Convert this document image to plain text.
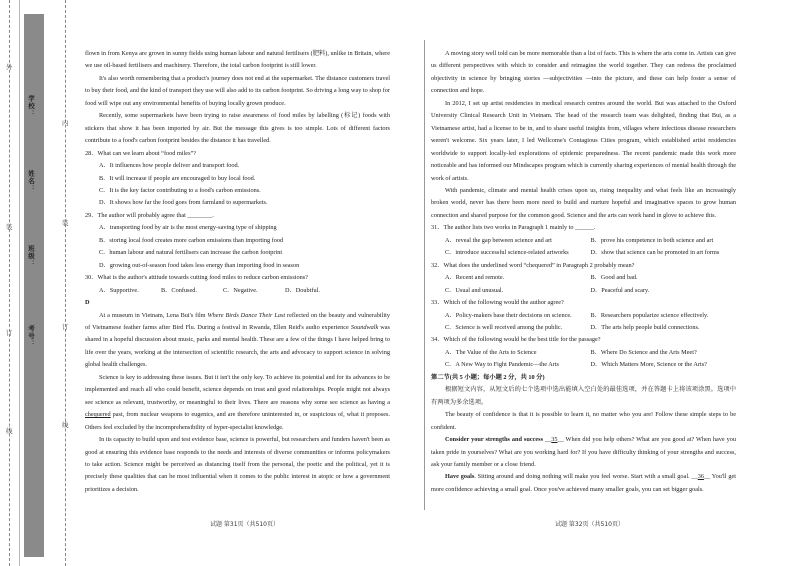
外
装
订
线
内
装
订
线
学校：
姓名：
班级：
考号：

flown in from Kenya are grown in sunny fields using human labour and natural fertilisers (肥料), unlike in Britain, where we use oil-based fertilisers and machinery. Therefore, the total carbon footprint is still lower.

It's also worth remembering that a product's journey does not end at the supermarket. The distance customers travel to buy their food, and the kind of transport they use will also add to its carbon footprint. So driving a long way to shop for food will wipe out any environmental benefits of buying locally grown produce.

Recently, some supermarkets have been trying to raise awareness of food miles by labelling (标记) foods with stickers that show it has been imported by air. But the message this gives is too simple. Lots of different factors contribute to a food's carbon footprint besides the distance it has travelled.

28．What can we learn about “food miles”?

A．It influences how people deliver and transport food.

B．It will increase if people are encouraged to buy local food.

C．It is the key factor contributing to a food's carbon emissions.

D．It shows how far the food goes from farmland to supermarkets.

29．The author will probably agree that ________.

A．transporting food by air is the most energy-saving type of shipping

B．storing local food creates more carbon emissions than importing food

C．human labour and natural fertilisers can increase the carbon footprint

D．growing out-of-season food takes less energy than importing food in season

30．What is the author's attitude towards cutting food miles to reduce carbon emissions?

A．Supportive.	B．Confused.	C．Negative.	D．Doubtful.

D

At a museum in Vietnam, Lena Bui's film Where Birds Dance Their Last reflected on the beauty and vulnerability of Vietnamese feather farms after Bird Flu. During a festival in Rwanda, Ellen Reid's audio experience Soundwalk was shared in a hopeful discussion about music, parks and mental health. These are a few of the things I have helped bring to life over the years, working at the intersection of scientific research, the arts and advocacy to support science in solving global health challenges.

Science is key to addressing these issues. But it isn't the only key. To achieve its potential and for its advances to be implemented and reach all who could benefit, science depends on trust and good relationships. People might not always see science as relevant, trustworthy, or meaningful to their lives. There are reasons why some see science as having a chequered past, from nuclear weapons to eugenics, and are therefore uninterested in, or suspicious of, what it proposes. Others feel excluded by the incomprehensibility of hyper-specialist knowledge.

In its capacity to build upon and test evidence base, science is powerful, but researchers and funders haven't been as good at ensuring this evidence base responds to the needs and interests of diverse communities or informs policymakers to take action. Science might be perceived as distancing itself from the personal, the poetic and the political, yet it is precisely these qualities that can be most influential when it comes to the public interest in atopic or how a government prioritizes a decision.

试题 第31页（共510页）

A moving story well told can be more memorable than a list of facts. This is where the arts come in. Artists can give us different perspectives with which to consider and reimagine the world together. They can redress the proclaimed objectivity in science by bringing stories —subjectivities —into the picture, and these can help foster a sense of connection and hope.

In 2012, I set up artist residencies in medical research centres around the world. Bui was attached to the Oxford University Clinical Research Unit in Vietnam. The head of the research team was delighted, finding that Bui, as a Vietnamese artist, had a license to be in, and to share useful insights from, villages where infectious disease researchers weren't welcome. Six years later, I led Wellcome's Contagious Cities program, which established artist residencies worldwide to support locally-led explorations of epidemic preparedness. The recent pandemic made this work more noticeable and has informed our Mindscapes program which is currently sharing experiences of mental health through the work of artists.

With pandemic, climate and mental health crises upon us, rising inequality and what feels like an increasingly broken world, never has there been more need to build and nurture hopeful and imaginative spaces to grow human connection and shared purpose for the common good. Science and the arts can work hand in glove to achieve this.

31．The author lists two works in Paragraph 1 mainly to ______.

A．reveal the gap between science and art	B．prove his competence in both science and art
C．introduce successful science-related artworks	D．show that science can be promoted in art forms

32．What does the underlined word “chequered” in Paragraph 2 probably mean?

A．Recent and remote.	B．Good and bad.
C．Usual and unusual.	D．Peaceful and scary.

33．Which of the following would the author agree?

A．Policy-makers base their decisions on science.	B．Researchers popularize science effectively.
C．Science is well received among the public.	D．The arts help people build connections.

34．Which of the following would be the best title for the passage?

A．The Value of the Arts to Science	B．Where Do Science and the Arts Meet?
C．A New Way to Fight Pandemic—the Arts	D．Which Matters More, Science or the Arts?

第二节(共 5 小题；每小题 2 分，共 10 分)

根据短文内容，从短文后的七个选项中选出能填入空白处的最佳选项，并在答题卡上将该项涂黑。选项中有两项为多余选项。

The beauty of confidence is that it is possible to learn it, no matter who you are! Follow these simple steps to be confident.

Consider your strengths and success __35__ When did you help others? What are you good at? When have you taken pride in yourselves? What are you working hard for? If you have difficulty thinking of your strengths and success, ask your family member or a close friend.

Have goals. Sitting around and doing nothing will make you feel worse. Start with a small goal. __36__ You'll get more confidence achieving a small goal. Once you've achieved many smaller goals, you can set bigger goals.

试题 第32页（共510页）
